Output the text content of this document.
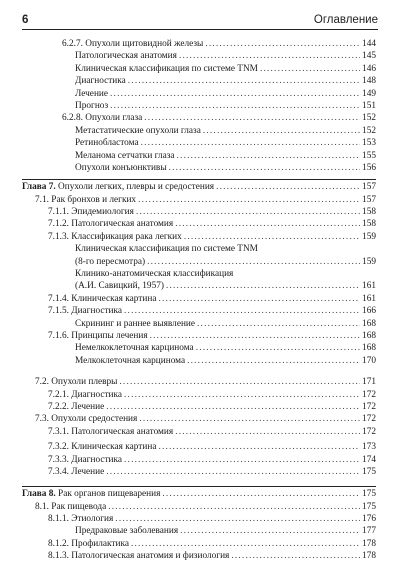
6	Оглавление
6.2.7. Опухоли щитовидной железы .....	144
Патологическая анатомия .....	145
Клиническая классификация по системе TNM .....	146
Диагностика .....	148
Лечение .....	149
Прогноз .....	151
6.2.8. Опухоли глаза .....	152
Метастатические опухоли глаза .....	152
Ретинобластома .....	153
Меланома сетчатки глаза .....	155
Опухоли конъюнктивы .....	156
Глава 7. Опухоли легких, плевры и средостения .....	157
7.1. Рак бронхов и легких .....	157
7.1.1. Эпидемиология .....	158
7.1.2. Патологическая анатомия .....	158
7.1.3. Классификация рака легких .....	159
Клиническая классификация по системе TNM
(8-го пересмотра) .....	159
Клинико-анатомическая классификация
(А.И. Савицкий, 1957) .....	161
7.1.4. Клиническая картина .....	161
7.1.5. Диагностика .....	166
Скрининг и раннее выявление .....	168
7.1.6. Принципы лечения .....	168
Немелкоклеточная карцинома .....	168
Мелкоклеточная карцинома .....	170
7.2. Опухоли плевры .....	171
7.2.1. Диагностика .....	172
7.2.2. Лечение .....	172
7.3. Опухоли средостения .....	172
7.3.1. Патологическая анатомия .....	172
7.3.2. Клиническая картина .....	173
7.3.3. Диагностика .....	174
7.3.4. Лечение .....	175
Глава 8. Рак органов пищеварения .....	175
8.1. Рак пищевода .....	175
8.1.1. Этиология .....	176
Предраковые заболевания .....	177
8.1.2. Профилактика .....	178
8.1.3. Патологическая анатомия и физиология .....	178
